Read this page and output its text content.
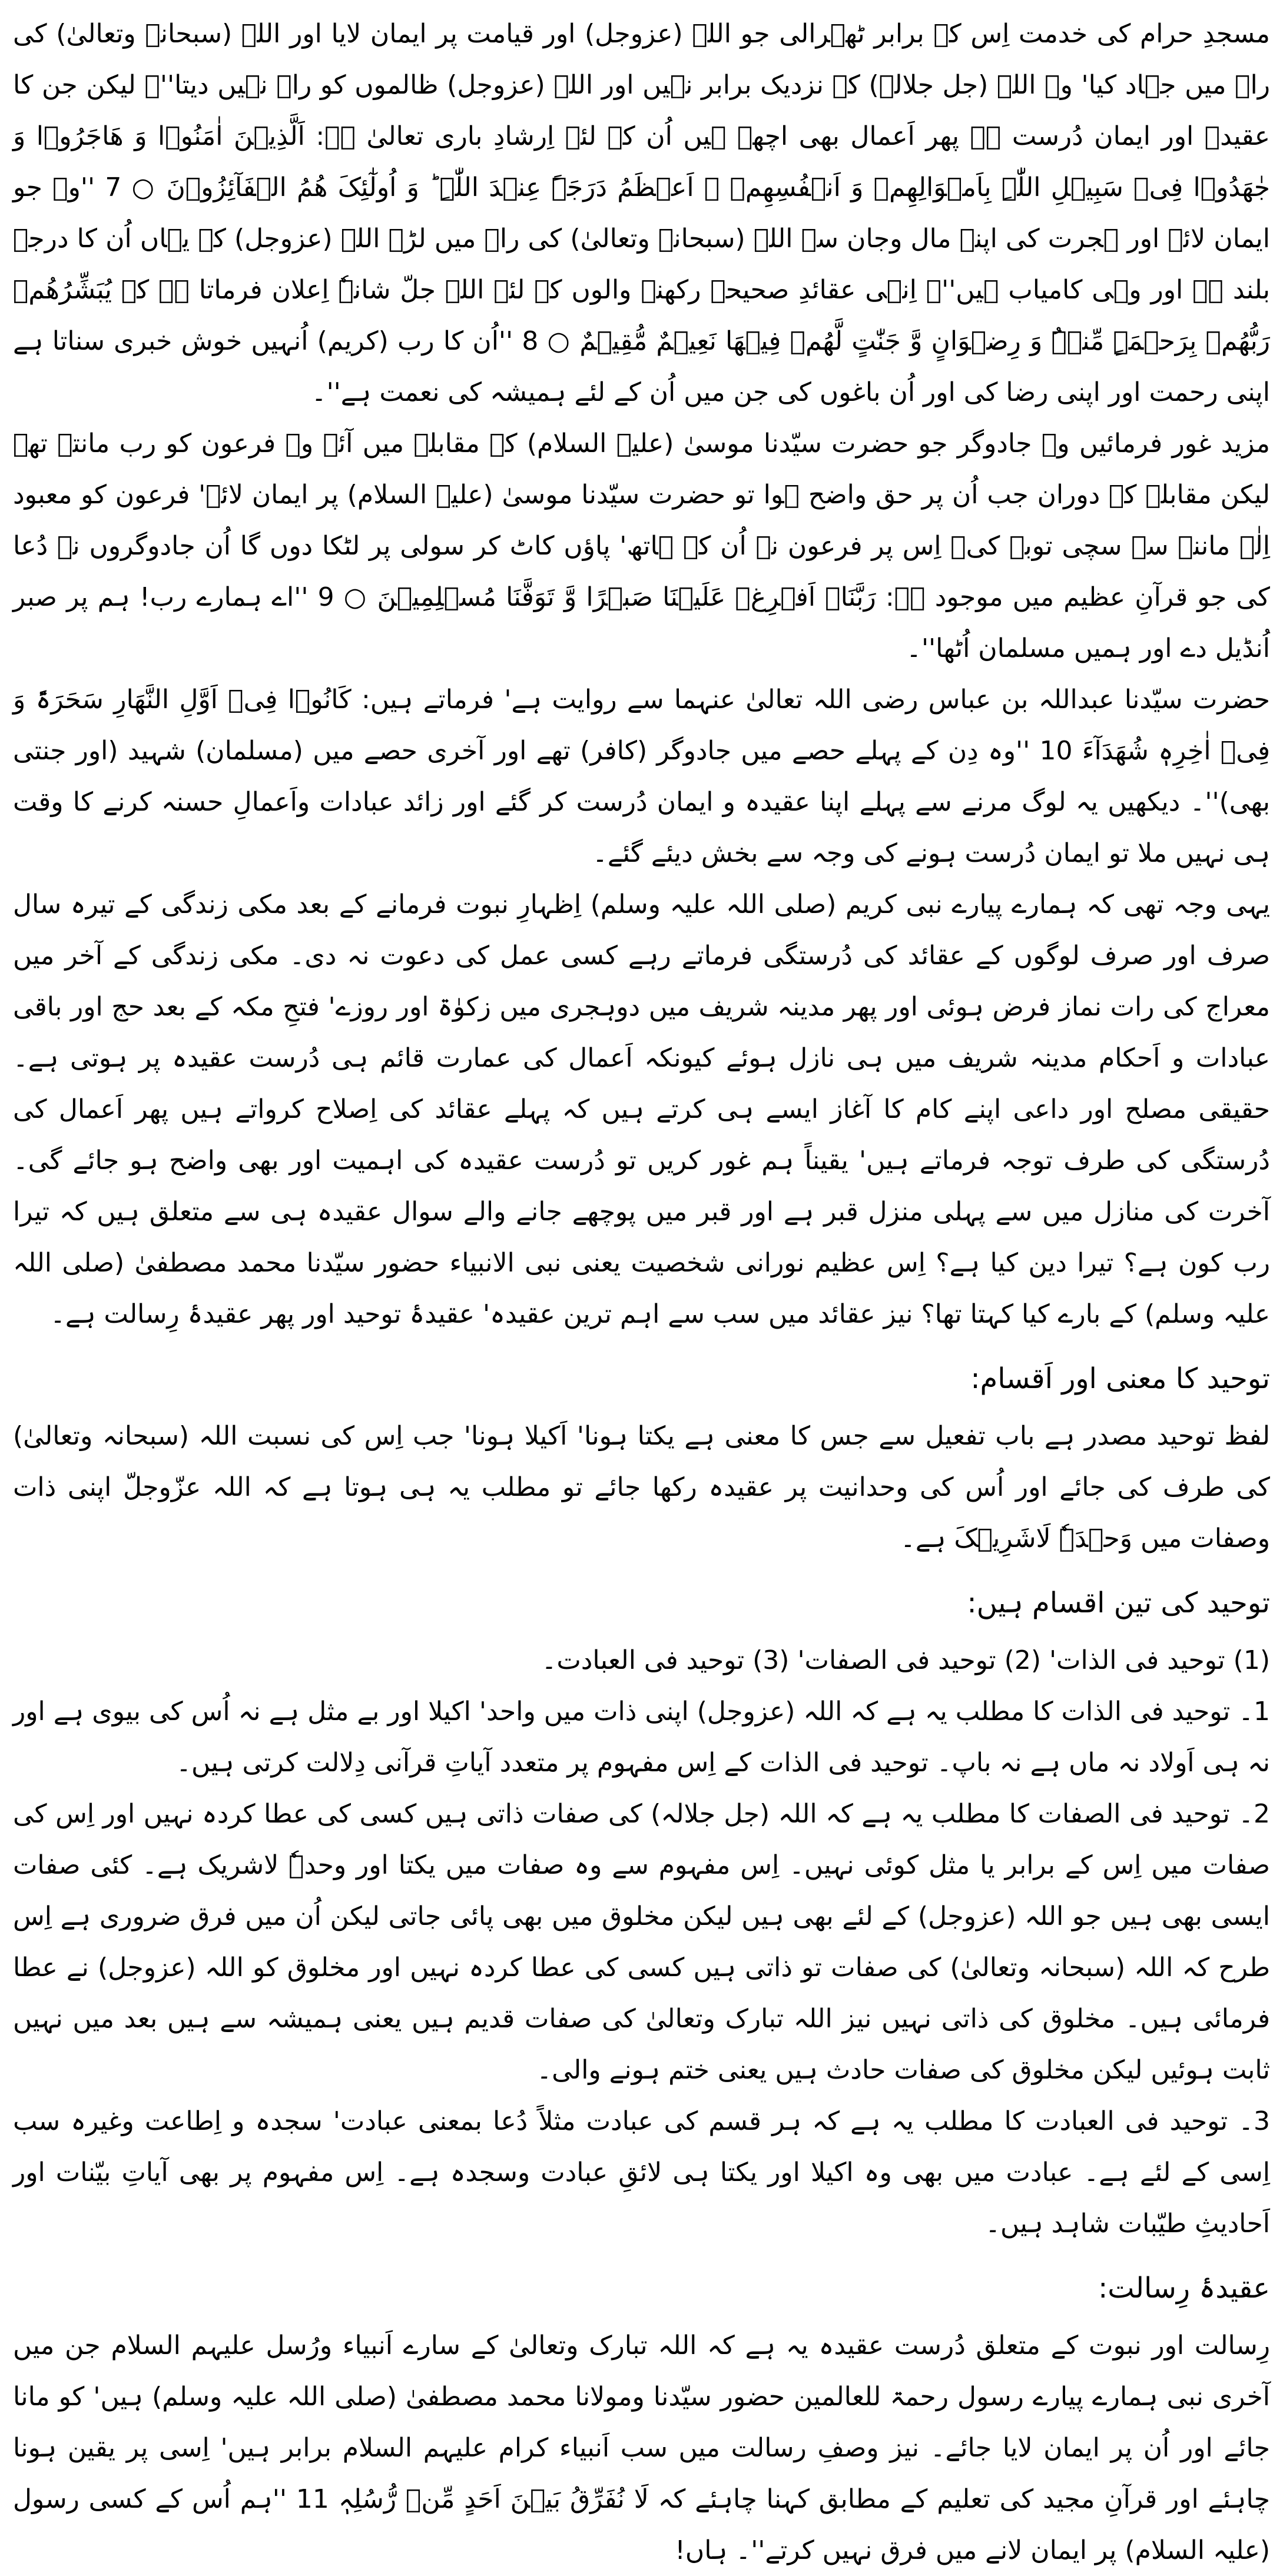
مسجدِ حرام کی خدمت اِس کے برابر ٹھہرالی جو اللہ (عزوجل) اور قیامت پر ایمان لایا اور اللہ (سبحانہ وتعالیٰ) کی راہ میں جہاد کیا' وہ اللہ (جل جلالہ) کے نزدیک برابر نہیں اور اللہ (عزوجل) ظالموں کو راہ نہیں دیتا''۔ لیکن جن کا عقیدہ اور ایمان دُرست ہے پھر اَعمال بھی اچھے ہیں اُن کے لئے اِرشادِ باری تعالیٰ ہے: اَلَّذِیۡنَ اٰمَنُوۡا وَ ھَاجَرُوۡا وَ جٰھَدُوۡا فِیۡ سَبِیۡلِ اللّٰہِ بِاَمۡوَالِھِمۡ وَ اَنۡفُسِھِمۡ ۙ اَعۡظَمُ دَرَجَۃً عِنۡدَ اللّٰہِ ؕ وَ اُولٰٓئِکَ ھُمُ الۡفَآئِزُوۡنَ ○ 7 ''وہ جو ایمان لائے اور ہجرت کی اپنے مال وجان سے اللہ (سبحانہ وتعالیٰ) کی راہ میں لڑے اللہ (عزوجل) کے یہاں اُن کا درجہ بلند ہے اور وہی کامیاب ہیں''۔ اِنہی عقائدِ صحیحہ رکھنے والوں کے لئے اللہ جلّ شانہٗ اِعلان فرماتا ہے کہ یُبَشِّرُھُمۡ رَبُّھُمۡ بِرَحۡمَۃٍ مِّنۡہُ وَ رِضۡوَانٍ وَّ جَنّٰتٍ لَّھُمۡ فِیۡھَا نَعِیۡمٌ مُّقِیۡمٌ ○ 8 ''اُن کا رب (کریم) اُنہیں خوش خبری سناتا ہے اپنی رحمت اور اپنی رضا کی اور اُن باغوں کی جن میں اُن کے لئے ہمیشہ کی نعمت ہے''۔

مزید غور فرمائیں وہ جادوگر جو حضرت سیّدنا موسیٰ (علیہ السلام) کے مقابلہ میں آئے وہ فرعون کو رب مانتے تھے لیکن مقابلہ کے دوران جب اُن پر حق واضح ہوا تو حضرت سیّدنا موسیٰ (علیہ السلام) پر ایمان لائے' فرعون کو معبود اِلٰہ ماننے سے سچی توبہ کی۔ اِس پر فرعون نے اُن کے ہاتھ' پاؤں کاٹ کر سولی پر لٹکا دوں گا اُن جادوگروں نے دُعا کی جو قرآنِ عظیم میں موجود ہے: رَبَّنَاۤ اَفۡرِغۡ عَلَیۡنَا صَبۡرًا وَّ تَوَفَّنَا مُسۡلِمِیۡنَ ○ 9 ''اے ہمارے رب! ہم پر صبر اُنڈیل دے اور ہمیں مسلمان اُٹھا''۔

حضرت سیّدنا عبداللہ بن عباس رضی اللہ تعالیٰ عنہما سے روایت ہے' فرماتے ہیں: کَانُوۡا فِیۡ اَوَّلِ النَّھَارِ سَحَرَۃً وَ فِیۡ اٰخِرِہٖ شُھَدَآءَ 10 ''وہ دِن کے پہلے حصے میں جادوگر (کافر) تھے اور آخری حصے میں (مسلمان) شہید (اور جنتی بھی)''۔ دیکھیں یہ لوگ مرنے سے پہلے اپنا عقیدہ و ایمان دُرست کر گئے اور زائد عبادات واَعمالِ حسنہ کرنے کا وقت ہی نہیں ملا تو ایمان دُرست ہونے کی وجہ سے بخش دیئے گئے۔

یہی وجہ تھی کہ ہمارے پیارے نبی کریم (صلی اللہ علیہ وسلم) اِظہارِ نبوت فرمانے کے بعد مکی زندگی کے تیرہ سال صرف اور صرف لوگوں کے عقائد کی دُرستگی فرماتے رہے کسی عمل کی دعوت نہ دی۔ مکی زندگی کے آخر میں معراج کی رات نماز فرض ہوئی اور پھر مدینہ شریف میں دوہجری میں زکوٰۃ اور روزے' فتحِ مکہ کے بعد حج اور باقی عبادات و اَحکام مدینہ شریف میں ہی نازل ہوئے کیونکہ اَعمال کی عمارت قائم ہی دُرست عقیدہ پر ہوتی ہے۔ حقیقی مصلح اور داعی اپنے کام کا آغاز ایسے ہی کرتے ہیں کہ پہلے عقائد کی اِصلاح کرواتے ہیں پھر اَعمال کی دُرستگی کی طرف توجہ فرماتے ہیں' یقیناً ہم غور کریں تو دُرست عقیدہ کی اہمیت اور بھی واضح ہو جائے گی۔ آخرت کی منازل میں سے پہلی منزل قبر ہے اور قبر میں پوچھے جانے والے سوال عقیدہ ہی سے متعلق ہیں کہ تیرا رب کون ہے؟ تیرا دین کیا ہے؟ اِس عظیم نورانی شخصیت یعنی نبی الانبیاء حضور سیّدنا محمد مصطفیٰ (صلی اللہ علیہ وسلم) کے بارے کیا کہتا تھا؟ نیز عقائد میں سب سے اہم ترین عقیدہ' عقیدۂ توحید اور پھر عقیدۂ رِسالت ہے۔

توحید کا معنی اور اَقسام:

لفظ توحید مصدر ہے باب تفعیل سے جس کا معنی ہے یکتا ہونا' اَکیلا ہونا' جب اِس کی نسبت اللہ (سبحانہ وتعالیٰ) کی طرف کی جائے اور اُس کی وحدانیت پر عقیدہ رکھا جائے تو مطلب یہ ہی ہوتا ہے کہ اللہ عزّوجلّ اپنی ذات وصفات میں وَحۡدَہٗ لَاشَرِیۡکَ ہے۔

توحید کی تین اقسام ہیں:

(1) توحید فی الذات' (2) توحید فی الصفات' (3) توحید فی العبادت۔

1۔ توحید فی الذات کا مطلب یہ ہے کہ اللہ (عزوجل) اپنی ذات میں واحد' اکیلا اور بے مثل ہے نہ اُس کی بیوی ہے اور نہ ہی اَولاد نہ ماں ہے نہ باپ۔ توحید فی الذات کے اِس مفہوم پر متعدد آیاتِ قرآنی دِلالت کرتی ہیں۔

2۔ توحید فی الصفات کا مطلب یہ ہے کہ اللہ (جل جلالہ) کی صفات ذاتی ہیں کسی کی عطا کردہ نہیں اور اِس کی صفات میں اِس کے برابر یا مثل کوئی نہیں۔ اِس مفہوم سے وہ صفات میں یکتا اور وحدہٗ لاشریک ہے۔ کئی صفات ایسی بھی ہیں جو اللہ (عزوجل) کے لئے بھی ہیں لیکن مخلوق میں بھی پائی جاتی لیکن اُن میں فرق ضروری ہے اِس طرح کہ اللہ (سبحانہ وتعالیٰ) کی صفات تو ذاتی ہیں کسی کی عطا کردہ نہیں اور مخلوق کو اللہ (عزوجل) نے عطا فرمائی ہیں۔ مخلوق کی ذاتی نہیں نیز اللہ تبارک وتعالیٰ کی صفات قدیم ہیں یعنی ہمیشہ سے ہیں بعد میں نہیں ثابت ہوئیں لیکن مخلوق کی صفات حادث ہیں یعنی ختم ہونے والی۔

3۔ توحید فی العبادت کا مطلب یہ ہے کہ ہر قسم کی عبادت مثلاً دُعا بمعنی عبادت' سجدہ و اِطاعت وغیرہ سب اِسی کے لئے ہے۔ عبادت میں بھی وہ اکیلا اور یکتا ہی لائقِ عبادت وسجدہ ہے۔ اِس مفہوم پر بھی آیاتِ بیّنات اور اَحادیثِ طیّبات شاہد ہیں۔

عقیدۂ رِسالت:

رِسالت اور نبوت کے متعلق دُرست عقیدہ یہ ہے کہ اللہ تبارک وتعالیٰ کے سارے اَنبیاء ورُسل علیہم السلام جن میں آخری نبی ہمارے پیارے رسول رحمۃ للعالمین حضور سیّدنا ومولانا محمد مصطفیٰ (صلی اللہ علیہ وسلم) ہیں' کو مانا جائے اور اُن پر ایمان لایا جائے۔ نیز وصفِ رسالت میں سب اَنبیاء کرام علیہم السلام برابر ہیں' اِسی پر یقین ہونا چاہئے اور قرآنِ مجید کی تعلیم کے مطابق کہنا چاہئے کہ لَا نُفَرِّقُ بَیۡنَ اَحَدٍ مِّنۡ رُّسُلِہٖ 11 ''ہم اُس کے کسی رسول (علیہ السلام) پر ایمان لانے میں فرق نہیں کرتے''۔ ہاں!
